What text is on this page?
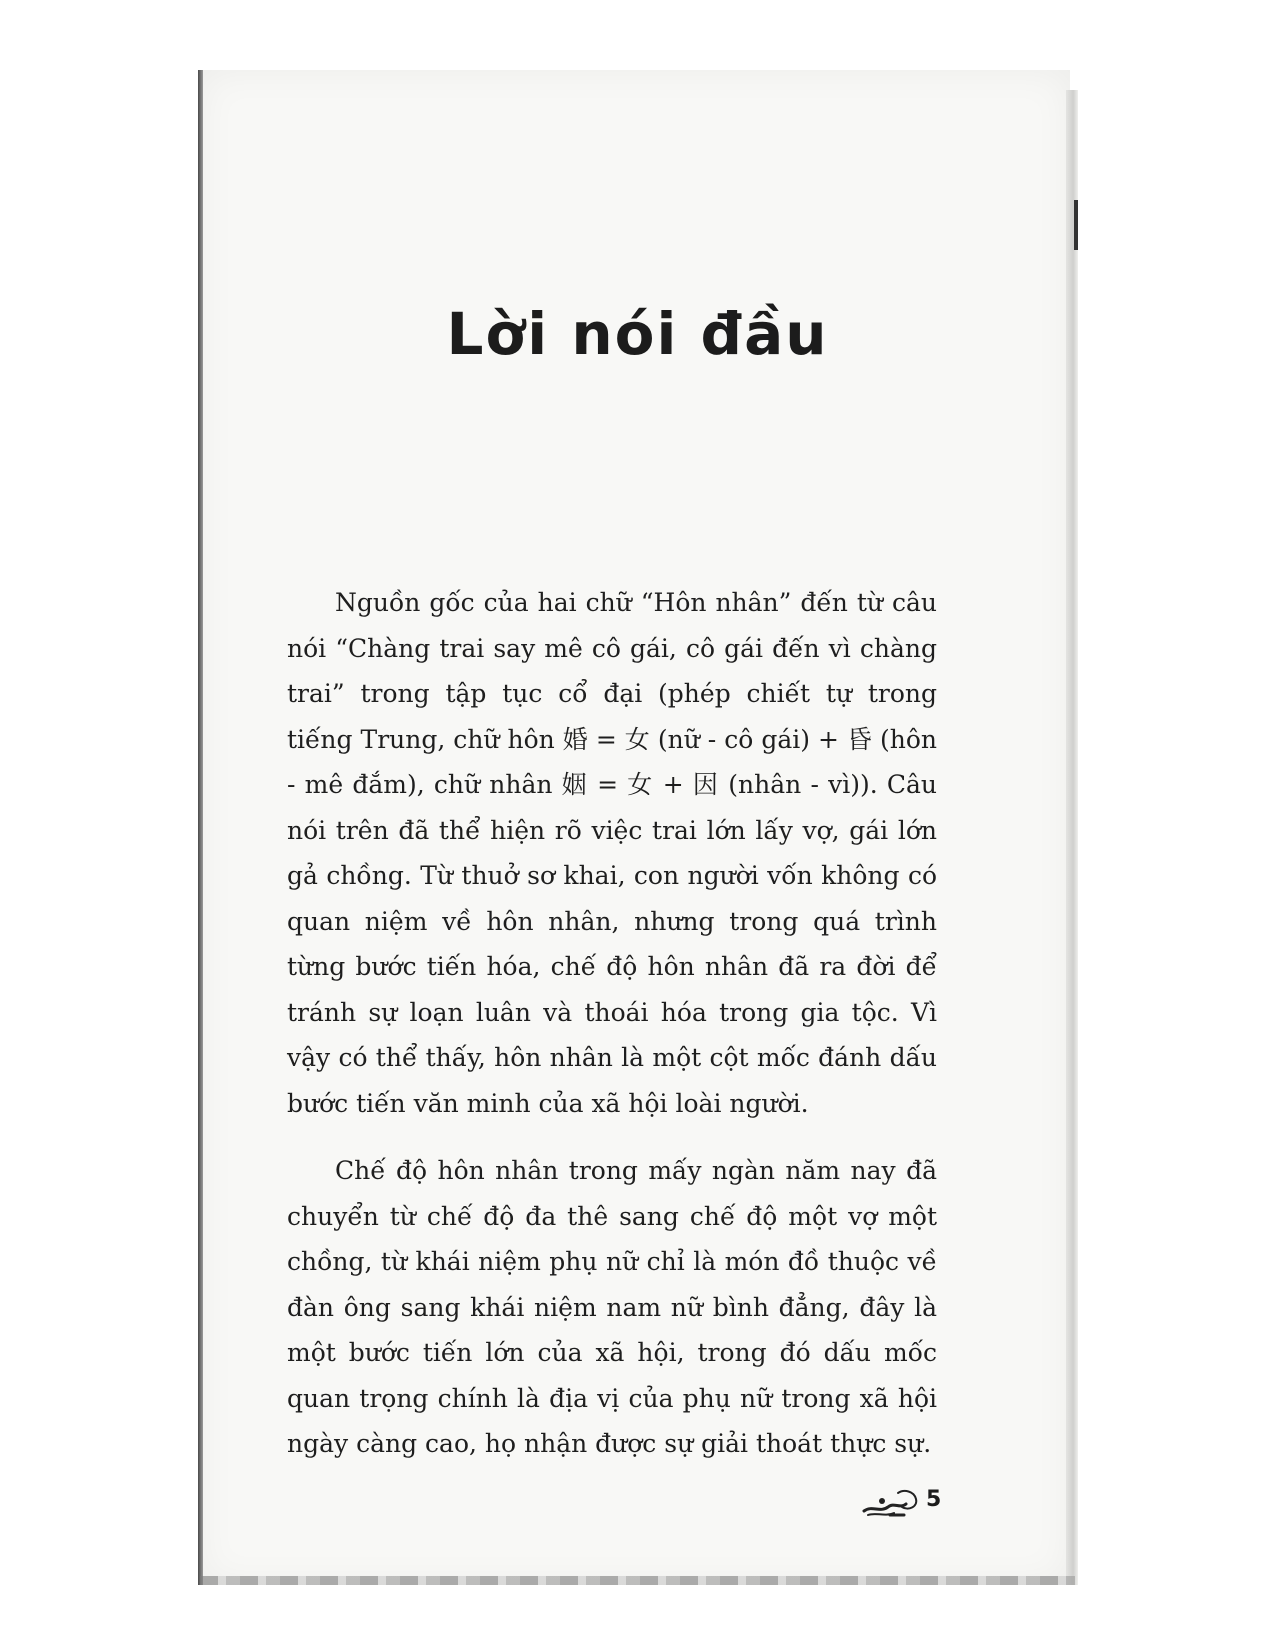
Lời nói đầu

Nguồn gốc của hai chữ “Hôn nhân” đến từ câu nói “Chàng trai say mê cô gái, cô gái đến vì chàng trai” trong tập tục cổ đại (phép chiết tự trong tiếng Trung, chữ hôn 婚 = 女 (nữ - cô gái) + 昏 (hôn - mê đắm), chữ nhân 姻 = 女 + 因 (nhân - vì)). Câu nói trên đã thể hiện rõ việc trai lớn lấy vợ, gái lớn gả chồng. Từ thuở sơ khai, con người vốn không có quan niệm về hôn nhân, nhưng trong quá trình từng bước tiến hóa, chế độ hôn nhân đã ra đời để tránh sự loạn luân và thoái hóa trong gia tộc. Vì vậy có thể thấy, hôn nhân là một cột mốc đánh dấu bước tiến văn minh của xã hội loài người.

Chế độ hôn nhân trong mấy ngàn năm nay đã chuyển từ chế độ đa thê sang chế độ một vợ một chồng, từ khái niệm phụ nữ chỉ là món đồ thuộc về đàn ông sang khái niệm nam nữ bình đẳng, đây là một bước tiến lớn của xã hội, trong đó dấu mốc quan trọng chính là địa vị của phụ nữ trong xã hội ngày càng cao, họ nhận được sự giải thoát thực sự.

5
